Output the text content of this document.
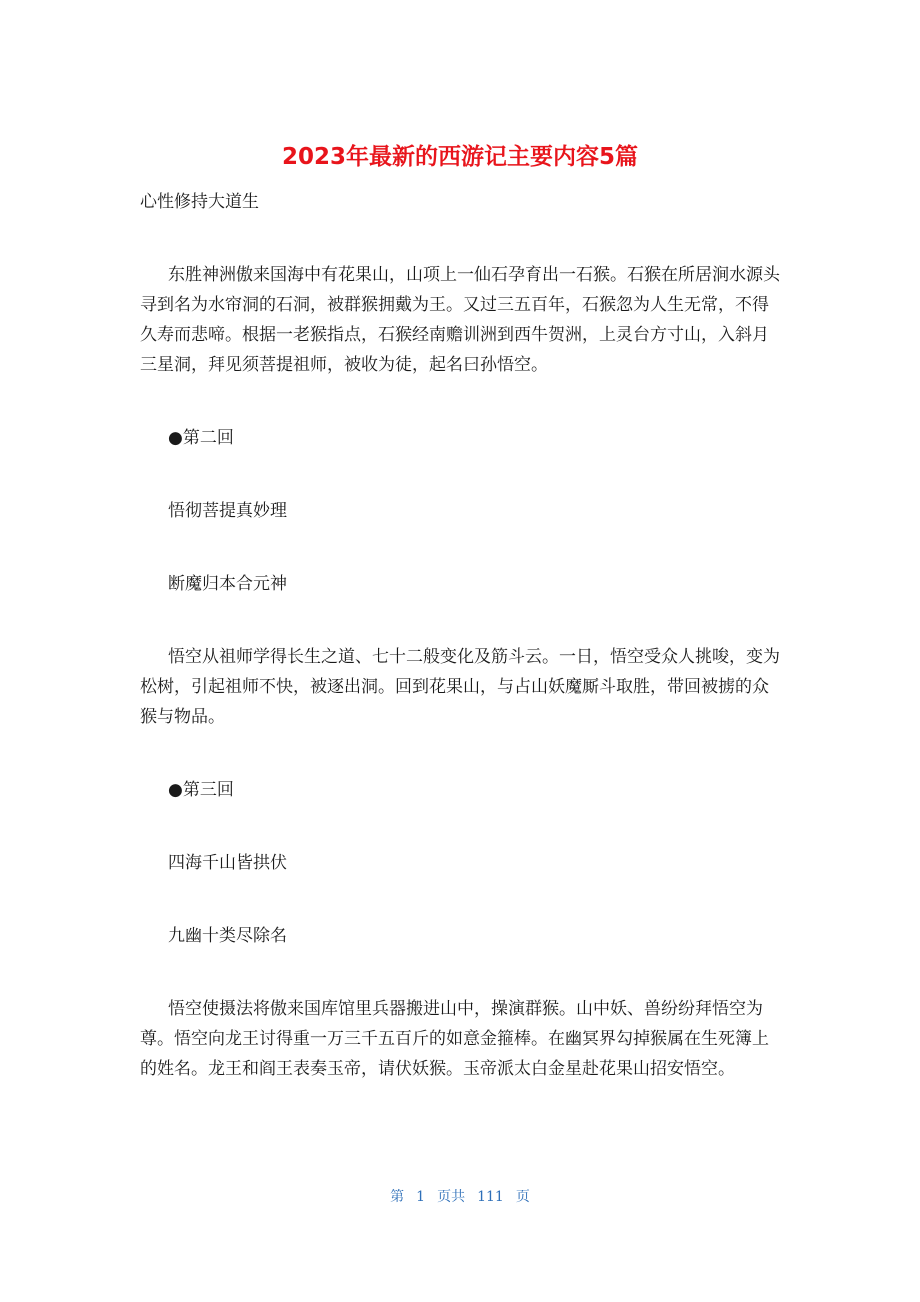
2023年最新的西游记主要内容5篇

心性修持大道生

东胜神洲傲来国海中有花果山，山项上一仙石孕育出一石猴。石猴在所居涧水源头寻到名为水帘洞的石洞，被群猴拥戴为王。又过三五百年，石猴忽为人生无常，不得久寿而悲啼。根据一老猴指点，石猴经南赡训洲到西牛贺洲，上灵台方寸山，入斜月三星洞，拜见须菩提祖师，被收为徒，起名曰孙悟空。

●第二回

悟彻菩提真妙理

断魔归本合元神

悟空从祖师学得长生之道、七十二般变化及筋斗云。一日，悟空受众人挑唆，变为松树，引起祖师不快，被逐出洞。回到花果山，与占山妖魔厮斗取胜，带回被掳的众猴与物品。

●第三回

四海千山皆拱伏

九幽十类尽除名

悟空使摄法将傲来国库馆里兵器搬进山中，操演群猴。山中妖、兽纷纷拜悟空为尊。悟空向龙王讨得重一万三千五百斤的如意金箍棒。在幽冥界勾掉猴属在生死簿上的姓名。龙王和阎王表奏玉帝，请伏妖猴。玉帝派太白金星赴花果山招安悟空。

第 1 页共 111 页
